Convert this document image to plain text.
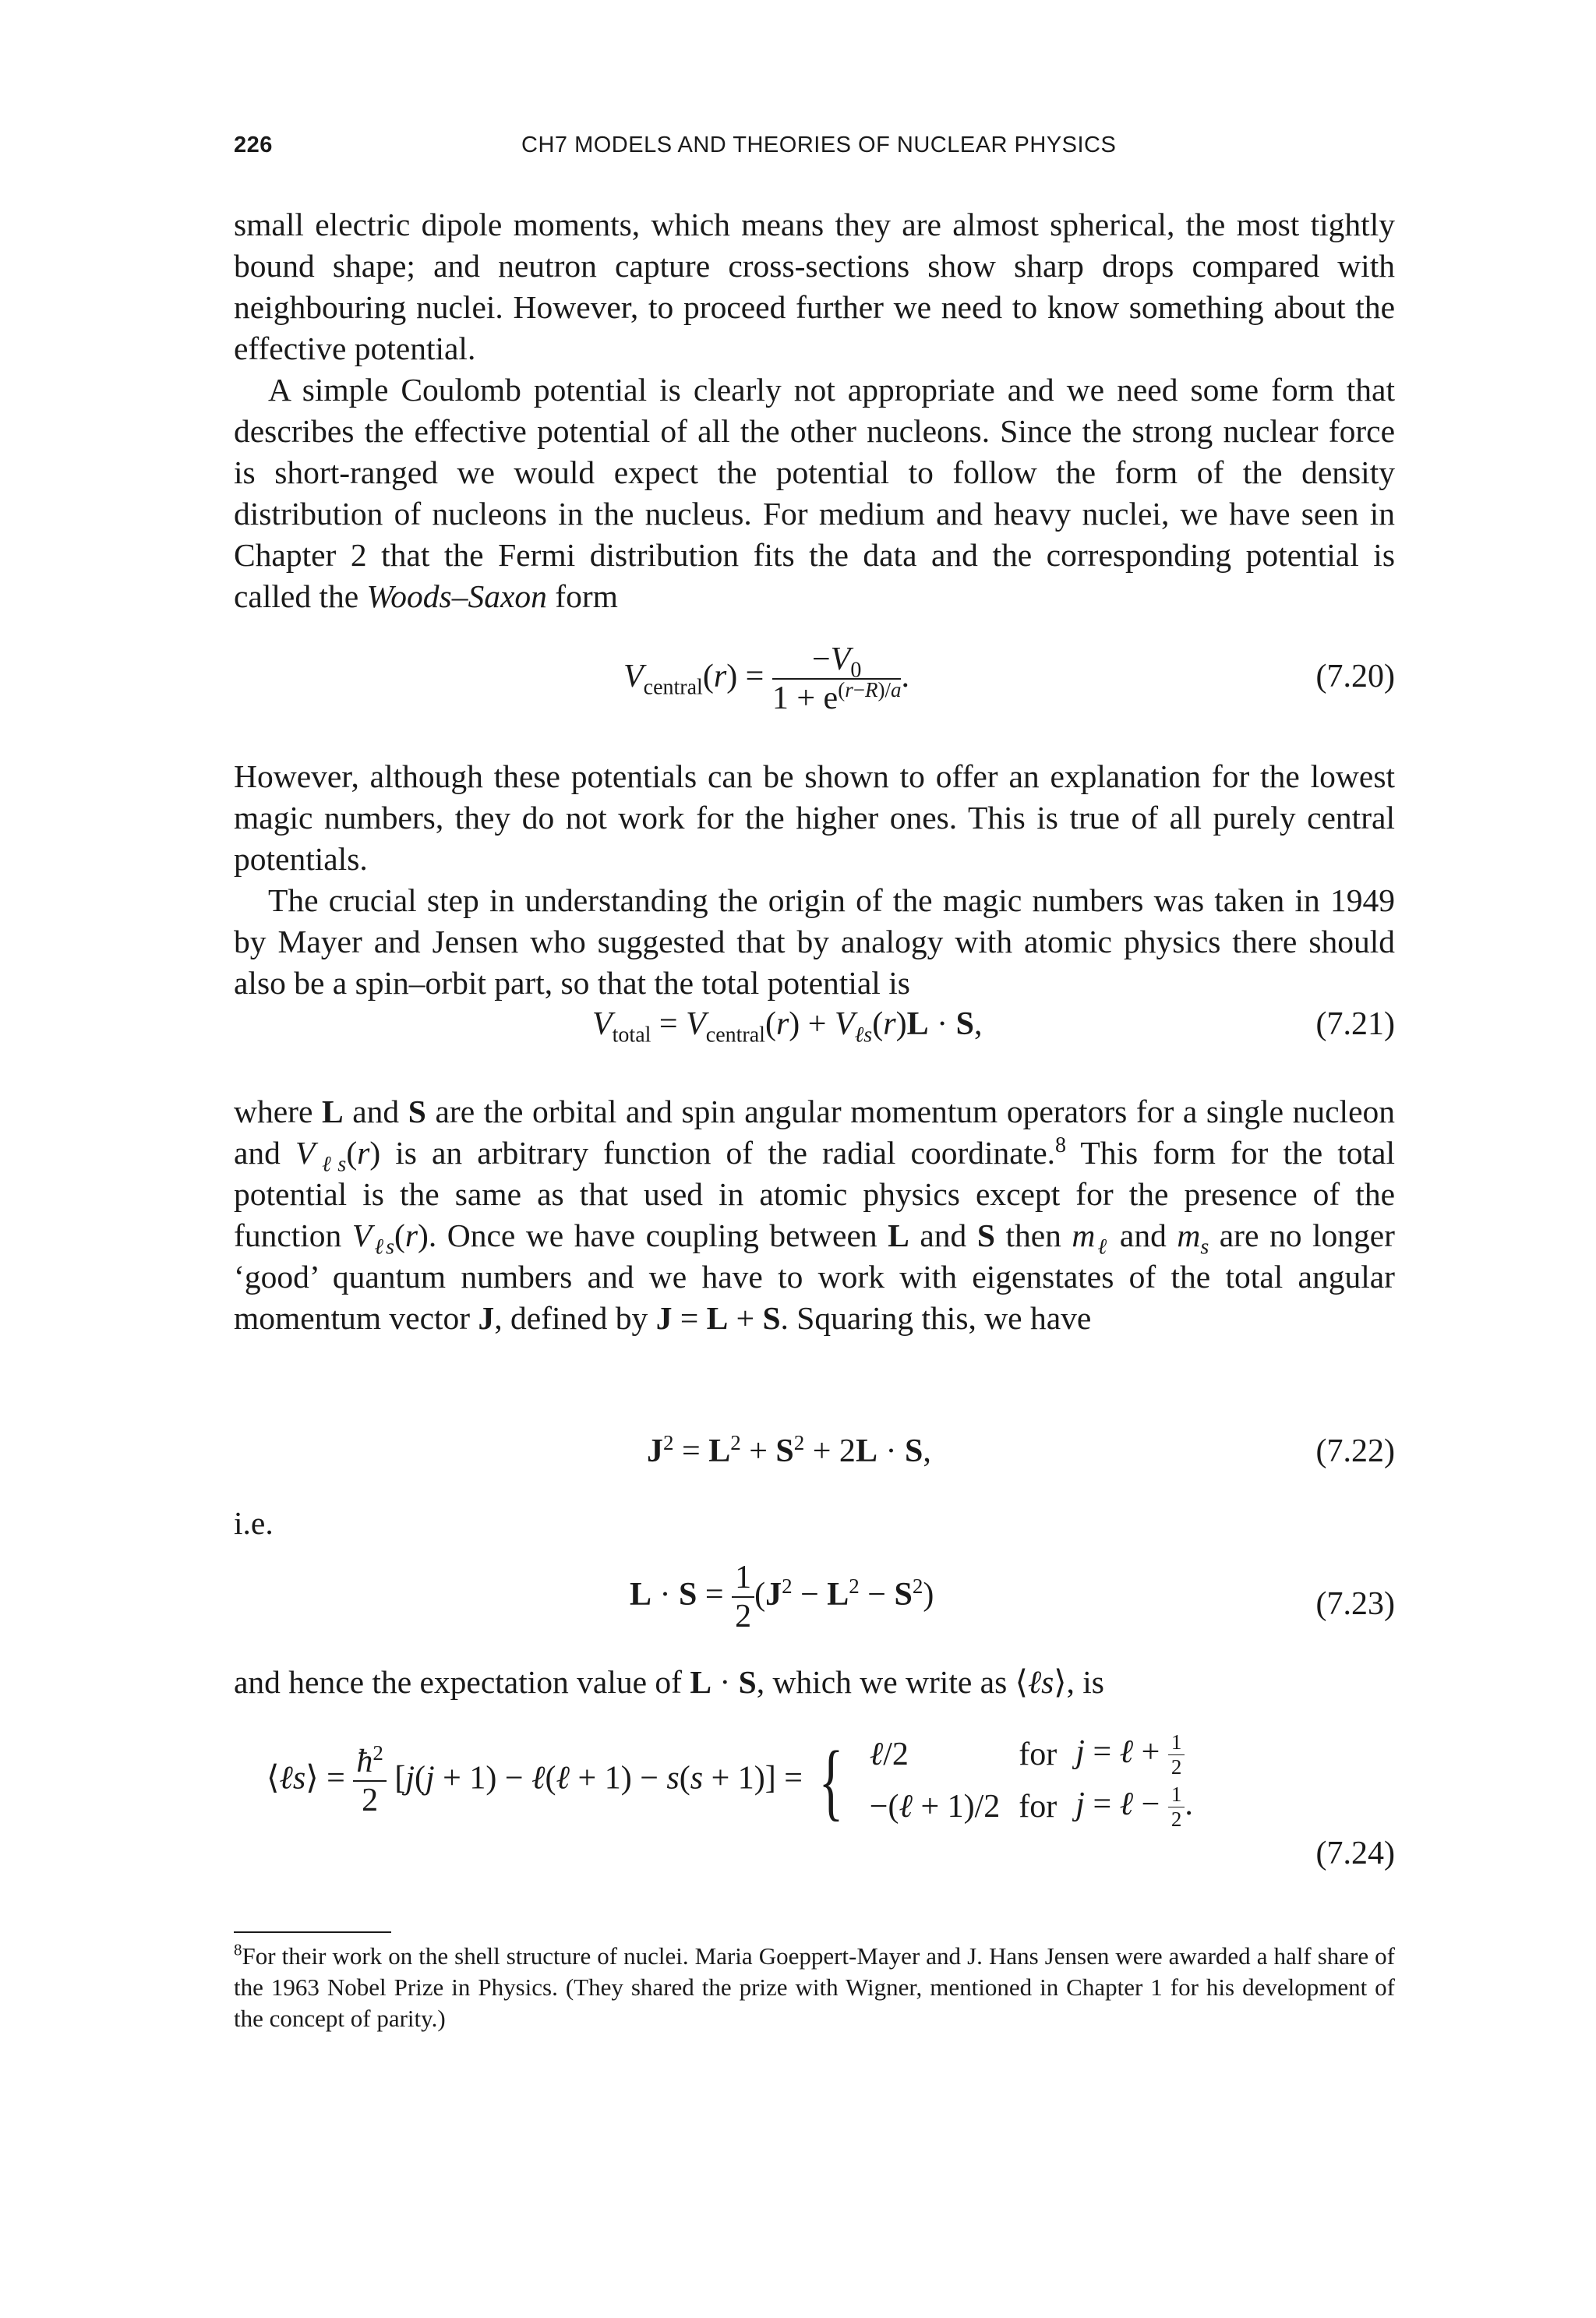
226	CH7 MODELS AND THEORIES OF NUCLEAR PHYSICS

small electric dipole moments, which means they are almost spherical, the most tightly bound shape; and neutron capture cross-sections show sharp drops compared with neighbouring nuclei. However, to proceed further we need to know something about the effective potential.

A simple Coulomb potential is clearly not appropriate and we need some form that describes the effective potential of all the other nucleons. Since the strong nuclear force is short-ranged we would expect the potential to follow the form of the density distribution of nucleons in the nucleus. For medium and heavy nuclei, we have seen in Chapter 2 that the Fermi distribution fits the data and the corresponding potential is called the Woods–Saxon form

$V_{central}(r) = \frac{-V_0}{1 + e^{(r-R)/a}}$ .	(7.20)

However, although these potentials can be shown to offer an explanation for the lowest magic numbers, they do not work for the higher ones. This is true of all purely central potentials.

The crucial step in understanding the origin of the magic numbers was taken in 1949 by Mayer and Jensen who suggested that by analogy with atomic physics there should also be a spin–orbit part, so that the total potential is

$V_{total} = V_{central}(r) + V_{\ell s}(r)L \cdot S$,	(7.21)

where L and S are the orbital and spin angular momentum operators for a single nucleon and $V_{\ell s}(r)$ is an arbitrary function of the radial coordinate.$^8$ This form for the total potential is the same as that used in atomic physics except for the presence of the function $V_{\ell s}(r)$. Once we have coupling between L and S then $m_\ell$ and $m_s$ are no longer ‘good’ quantum numbers and we have to work with eigenstates of the total angular momentum vector J, defined by J = L + S. Squaring this, we have

$J^2 = L^2 + S^2 + 2L \cdot S$,	(7.22)

i.e.

$L \cdot S = \frac{1}{2} (J^2 - L^2 - S^2)$	(7.23)

and hence the expectation value of L · S, which we write as ⟨ℓs⟩, is

⟨ℓs⟩ = $\frac{ħ^2}{2} [j(j + 1)$ − ℓ(ℓ + 1) − s(s + 1)] = { ℓ/2	for	j = ℓ + $\frac{1}{2}$

−(ℓ + 1)/2	for	j = ℓ − $\frac{1}{2}$ .
(7.24)
$^8$For their work on the shell structure of nuclei. Maria Goeppert-Mayer and J. Hans Jensen were awarded a half share of the 1963 Nobel Prize in Physics. (They shared the prize with Wigner, mentioned in Chapter 1 for his development of the concept of parity.)
